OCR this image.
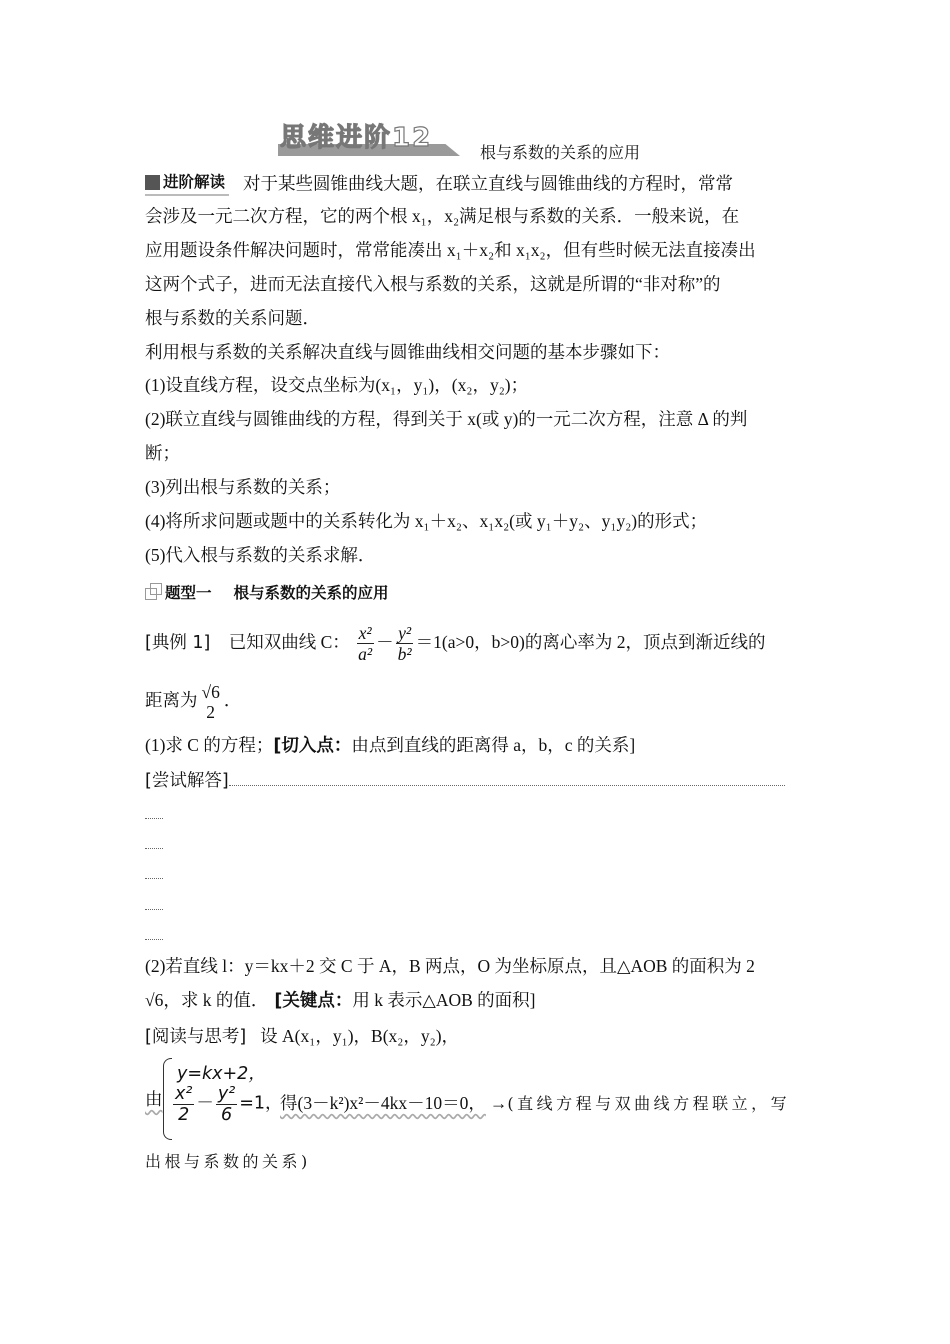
思维进阶12	根与系数的关系的应用
进阶解读 对于某些圆锥曲线大题，在联立直线与圆锥曲线的方程时，常常
会涉及一元二次方程，它的两个根 x₁，x₂满足根与系数的关系．一般来说，在
应用题设条件解决问题时，常常能凑出 x₁＋x₂和 x₁x₂，但有些时候无法直接凑出
这两个式子，进而无法直接代入根与系数的关系，这就是所谓的“非对称”的
根与系数的关系问题．
利用根与系数的关系解决直线与圆锥曲线相交问题的基本步骤如下：
(1)设直线方程，设交点坐标为(x₁，y₁)，(x₂，y₂)；
(2)联立直线与圆锥曲线的方程，得到关于 x(或 y)的一元二次方程，注意 Δ 的判
断；
(3)列出根与系数的关系；
(4)将所求问题或题中的关系转化为 x₁＋x₂、x₁x₂(或 y₁＋y₂、y₁y₂)的形式；
(5)代入根与系数的关系求解．
题型一 根与系数的关系的应用
[典例 1] 已知双曲线 C： $\frac{\text{x²}}{\text{a²}} - \frac{\text{y²}}{\text{b²}} =1(a>0$，b>0)的离心率为 2，顶点到渐近线的
距离为 √6
2
．
(1)求 C 的方程；[切入点：由点到直线的距离得 a，b，c 的关系]
[尝试解答]
(2)若直线 l：y＝kx＋2 交 C 于 A，B 两点，O 为坐标原点，且△AOB 的面积为 2
√6，求 k 的值． [关键点：用 k 表示△AOB 的面积]
[阅读与思考] 设 A(x₁，y₁)，B(x₂，y₂)，
由
y=kx+2，
$\frac{\text{x²}}{2} - \frac{\text{y²}}{6} =1$，
得(3－k²)x²－4kx－10＝0， →(直线方程与双曲线方程联立，写
出根与系数的关系)
